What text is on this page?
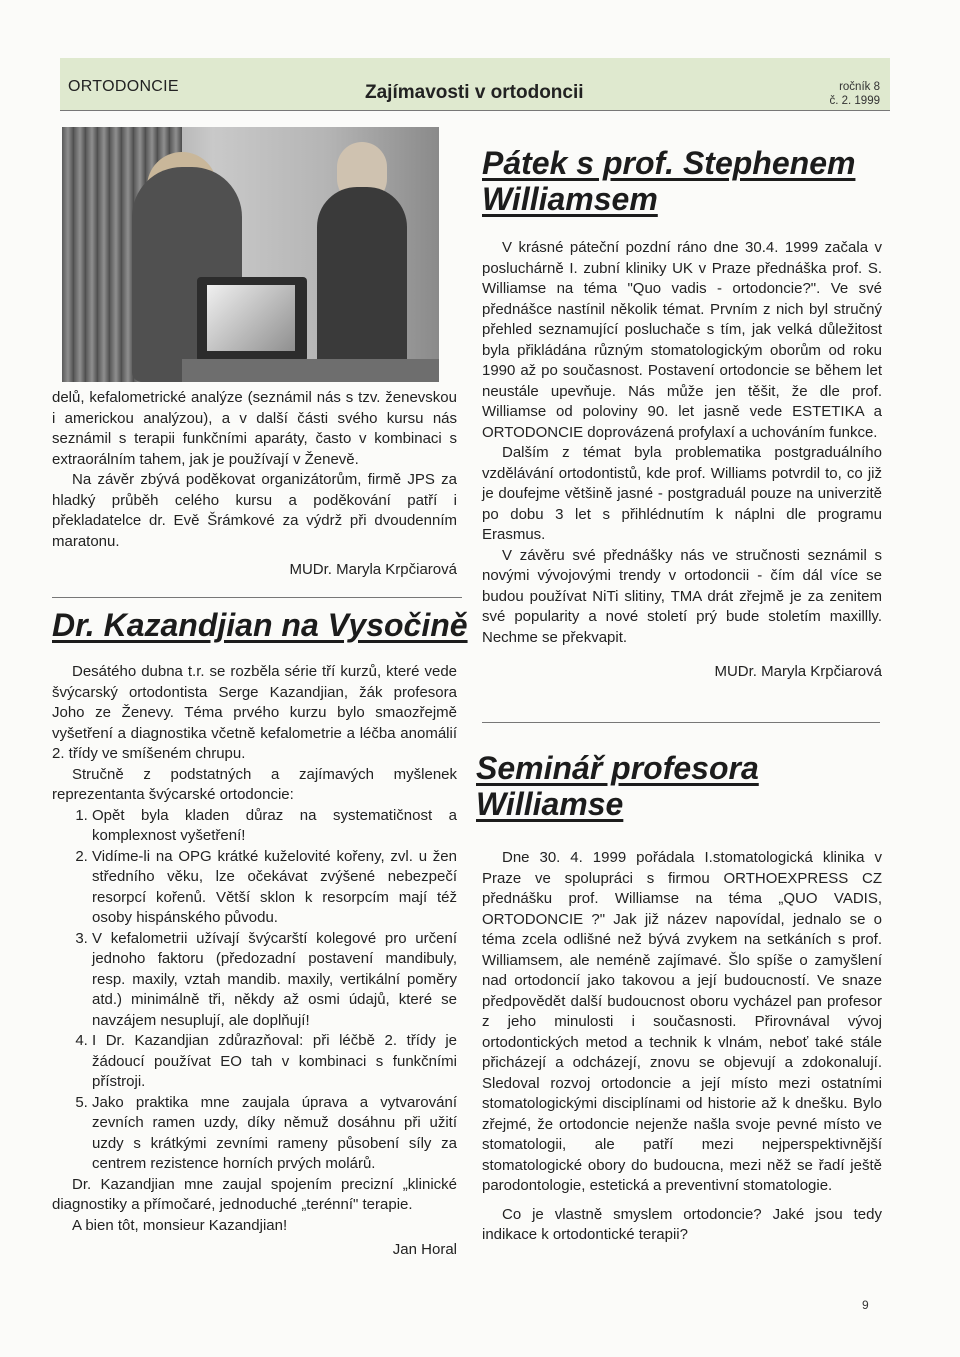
ORTODONCIE	Zajímavosti v ortodoncii	ročník 8
č. 2. 1999

delů, kefalometrické analýze (seznámil nás s tzv. ženevskou i americkou analýzou), a v další části svého kursu nás seznámil s terapii funkčními aparáty, často v kombinaci s extraorálním tahem, jak je používají v Ženevě.

Na závěr zbývá poděkovat organizátorům, firmě JPS za hladký průběh celého kursu a poděkování patří i překladatelce dr. Evě Šrámkové za výdrž při dvoudenním maratonu.

MUDr. Maryla Krpčiarová

Dr. Kazandjian na Vysočině

Desátého dubna t.r. se rozběla série tří kurzů, které vede švýcarský ortodontista Serge Kazandjian, žák profesora Joho ze Ženevy. Téma prvého kurzu bylo smaozřejmě vyšetření a diagnostika včetně kefalometrie a léčba anomálií 2. třídy ve smíšeném chrupu.

Stručně z podstatných a zajímavých myšlenek reprezentanta švýcarské ortodoncie:

1. Opět byla kladen důraz na systematičnost a komplexnost vyšetření!
2. Vidíme-li na OPG krátké kuželovité kořeny, zvl. u žen středního věku, lze očekávat zvýšené nebezpečí resorpcí kořenů. Větší sklon k resorpcím mají též osoby hispánského původu.
3. V kefalometrii užívají švýcarští kolegové pro určení jednoho faktoru (předozadní postavení mandibuly, resp. maxily, vztah mandib. maxily, vertikální poměry atd.) minimálně tři, někdy až osmi údajů, které se navzájem nesuplují, ale doplňují!
4. I Dr. Kazandjian zdůrazňoval: při léčbě 2. třídy je žádoucí používat EO tah v kombinaci s funkčními přístroji.
5. Jako praktika mne zaujala úprava a vytvarování zevních ramen uzdy, díky němuž dosáhnu při užití uzdy s krátkými zevními rameny působení síly za centrem rezistence horních prvých molárů.

Dr. Kazandjian mne zaujal spojením precizní „klinické diagnostiky a přímočaré, jednoduché „terénní" terapie.

A bien tôt, monsieur Kazandjian!

Jan Horal

Pátek s prof. Stephenem Williamsem

V krásné páteční pozdní ráno dne 30.4. 1999 začala v posluchárně I. zubní kliniky UK v Praze přednáška prof. S. Williamse na téma "Quo vadis - ortodoncie?". Ve své přednášce nastínil několik témat. Prvním z nich byl stručný přehled seznamující posluchače s tím, jak velká důležitost byla přikládána různým stomatologickým oborům od roku 1990 až po současnost. Postavení ortodoncie se během let neustále upevňuje. Nás může jen těšit, že dle prof. Williamse od poloviny 90. let jasně vede ESTETIKA a ORTODONCIE doprovázená profylaxí a uchováním funkce.

Dalším z témat byla problematika postgraduálního vzdělávání ortodontistů, kde prof. Williams potvrdil to, co již je doufejme většině jasné - postgraduál pouze na univerzitě po dobu 3 let s přihlédnutím k náplni dle programu Erasmus.

V závěru své přednášky nás ve stručnosti seznámil s novými vývojovými trendy v ortodoncii - čím dál více se budou používat NiTi slitiny, TMA drát zřejmě je za zenitem své popularity a nové století prý bude stoletím maxillly. Nechme se překvapit.

MUDr. Maryla Krpčiarová

Seminář profesora Williamse

Dne 30. 4. 1999 pořádala I.stomatologická klinika v Praze ve spolupráci s firmou ORTHOEXPRESS CZ přednášku prof. Williamse na téma „QUO VADIS, ORTODONCIE ?" Jak již název napovídal, jednalo se o téma zcela odlišné než bývá zvykem na setkáních s prof. Williamsem, ale neméně zajímavé. Šlo spíše o zamyšlení nad ortodoncií jako takovou a její budoucností. Ve snaze předpovědět další budoucnost oboru vycházel pan profesor z jeho minulosti i současnosti. Přirovnával vývoj ortodontických metod a technik k vlnám, neboť také stále přicházejí a odcházejí, znovu se objevují a zdokonalují. Sledoval rozvoj ortodoncie a její místo mezi ostatními stomatologickými disciplínami od historie až k dnešku. Bylo zřejmé, že ortodoncie nejenže našla svoje pevné místo ve stomatologii, ale patří mezi nejperspektivnější stomatologické obory do budoucna, mezi něž se řadí ještě parodontologie, estetická a preventivní stomatologie.

Co je vlastně smyslem ortodoncie? Jaké jsou tedy indikace k ortodontické terapii?

9
